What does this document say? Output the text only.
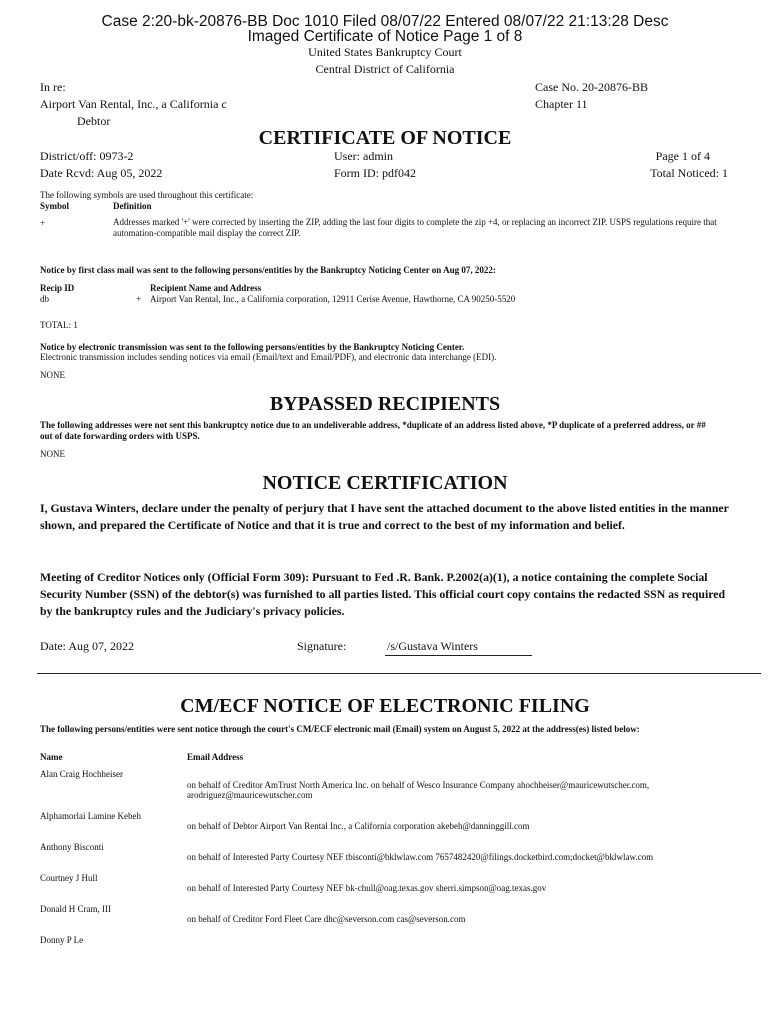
Case 2:20-bk-20876-BB Doc 1010 Filed 08/07/22 Entered 08/07/22 21:13:28 Desc
Imaged Certificate of Notice Page 1 of 8
United States Bankruptcy Court
Central District of California
In re:
Airport Van Rental, Inc., a California c
Debtor
Case No. 20-20876-BB
Chapter 11
CERTIFICATE OF NOTICE
District/off: 0973-2
Date Rcvd: Aug 05, 2022
User: admin
Form ID: pdf042
Page 1 of 4
Total Noticed: 1
The following symbols are used throughout this certificate:
Symbol	Definition
+	Addresses marked '+' were corrected by inserting the ZIP, adding the last four digits to complete the zip +4, or replacing an incorrect ZIP. USPS regulations require that automation-compatible mail display the correct ZIP.
Notice by first class mail was sent to the following persons/entities by the Bankruptcy Noticing Center on Aug 07, 2022:
Recip ID	Recipient Name and Address
db	+ Airport Van Rental, Inc., a California corporation, 12911 Cerise Avenue, Hawthorne, CA 90250-5520
TOTAL: 1
Notice by electronic transmission was sent to the following persons/entities by the Bankruptcy Noticing Center.
Electronic transmission includes sending notices via email (Email/text and Email/PDF), and electronic data interchange (EDI).
NONE
BYPASSED RECIPIENTS
The following addresses were not sent this bankruptcy notice due to an undeliverable address, *duplicate of an address listed above, *P duplicate of a preferred address, or ## out of date forwarding orders with USPS.
NONE
NOTICE CERTIFICATION
I, Gustava Winters, declare under the penalty of perjury that I have sent the attached document to the above listed entities in the manner shown, and prepared the Certificate of Notice and that it is true and correct to the best of my information and belief.
Meeting of Creditor Notices only (Official Form 309): Pursuant to Fed .R. Bank. P.2002(a)(1), a notice containing the complete Social Security Number (SSN) of the debtor(s) was furnished to all parties listed. This official court copy contains the redacted SSN as required by the bankruptcy rules and the Judiciary's privacy policies.
Date: Aug 07, 2022	Signature:	/s/Gustava Winters
CM/ECF NOTICE OF ELECTRONIC FILING
The following persons/entities were sent notice through the court's CM/ECF electronic mail (Email) system on August 5, 2022 at the address(es) listed below:
Name	Email Address
Alan Craig Hochheiser
on behalf of Creditor AmTrust North America Inc. on behalf of Wesco Insurance Company ahochheiser@mauricewutscher.com,
arodriguez@mauricewutscher.com
Alphamorlai Lamine Kebeh
on behalf of Debtor Airport Van Rental Inc., a California corporation akebeh@danninggill.com
Anthony Bisconti
on behalf of Interested Party Courtesy NEF tbisconti@bklwlaw.com 7657482420@filings.docketbird.com;docket@bklwlaw.com
Courtney J Hull
on behalf of Interested Party Courtesy NEF bk-chull@oag.texas.gov sherri.simpson@oag.texas.gov
Donald H Cram, III
on behalf of Creditor Ford Fleet Care dhc@severson.com cas@severson.com
Donny P Le
